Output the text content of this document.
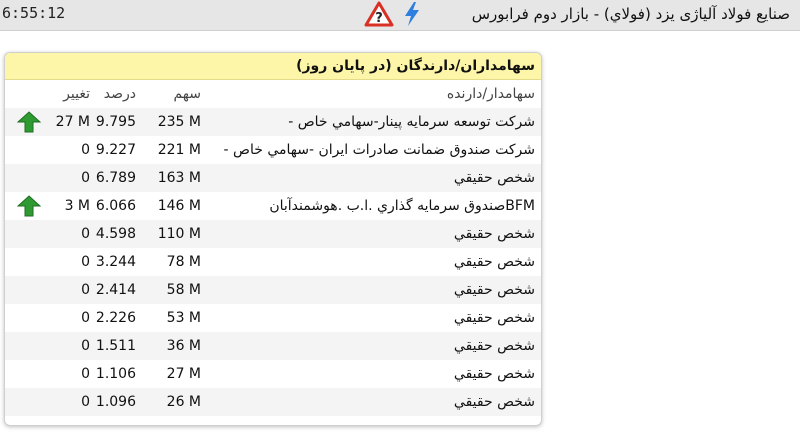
6:55:12	?	صنایع فولاد آلیاژی یزد (فولاي) - بازار دوم فرابورس
سهامداران/دارندگان (در پایان روز)
سهامدار/دارنده
سهم
درصد
تغییر
شرکت توسعه سرمایه پینار-سهامي خاص -
235 M
9.795
27 M
شرکت صندوق ضمانت صادرات ایران -سهامي خاص -
221 M
9.227
0
شخص حقيقي
163 M
6.789
0
BFMصندوق سرمایه گذاري .ا.ب .هوشمندآبان
146 M
6.066
3 M
شخص حقيقي
110 M
4.598
0
شخص حقيقي
78 M
3.244
0
شخص حقيقي
58 M
2.414
0
شخص حقيقي
53 M
2.226
0
شخص حقيقي
36 M
1.511
0
شخص حقيقي
27 M
1.106
0
شخص حقيقي
26 M
1.096
0
